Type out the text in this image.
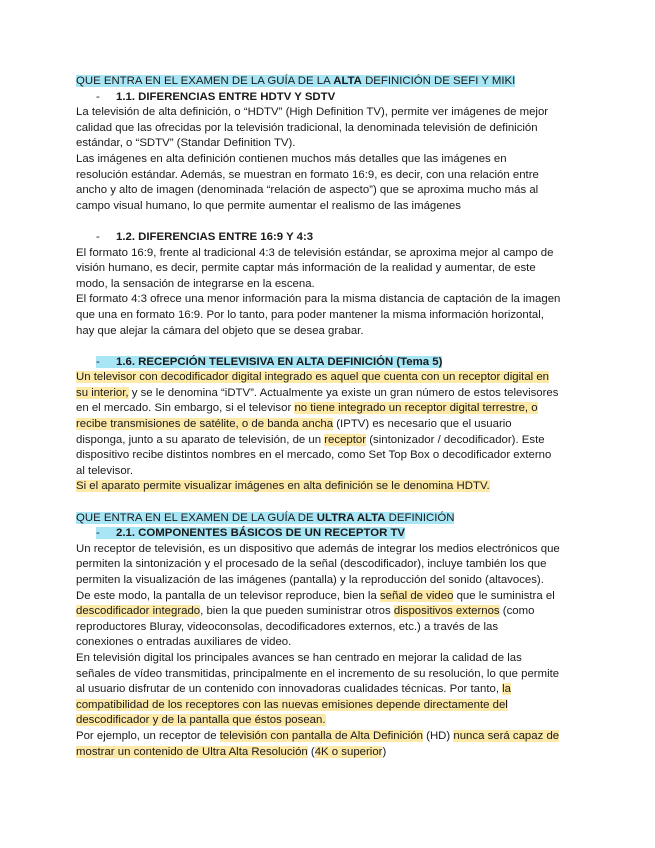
QUE ENTRA EN EL EXAMEN DE LA GUÍA DE LA ALTA DEFINICIÓN DE SEFI Y MIKI
- 1.1. DIFERENCIAS ENTRE HDTV Y SDTV
La televisión de alta definición, o “HDTV” (High Definition TV), permite ver imágenes de mejor
calidad que las ofrecidas por la televisión tradicional, la denominada televisión de definición
estándar, o “SDTV” (Standar Definition TV).
Las imágenes en alta definición contienen muchos más detalles que las imágenes en
resolución estándar. Además, se muestran en formato 16:9, es decir, con una relación entre
ancho y alto de imagen (denominada “relación de aspecto”) que se aproxima mucho más al
campo visual humano, lo que permite aumentar el realismo de las imágenes
- 1.2. DIFERENCIAS ENTRE 16:9 Y 4:3
El formato 16:9, frente al tradicional 4:3 de televisión estándar, se aproxima mejor al campo de
visión humano, es decir, permite captar más información de la realidad y aumentar, de este
modo, la sensación de integrarse en la escena.
El formato 4:3 ofrece una menor información para la misma distancia de captación de la imagen
que una en formato 16:9. Por lo tanto, para poder mantener la misma información horizontal,
hay que alejar la cámara del objeto que se desea grabar.
- 1.6. RECEPCIÓN TELEVISIVA EN ALTA DEFINICIÓN (Tema 5)
Un televisor con decodificador digital integrado es aquel que cuenta con un receptor digital en
su interior, y se le denomina “iDTV”. Actualmente ya existe un gran número de estos televisores
en el mercado. Sin embargo, si el televisor no tiene integrado un receptor digital terrestre, o
recibe transmisiones de satélite, o de banda ancha (IPTV) es necesario que el usuario
disponga, junto a su aparato de televisión, de un receptor (sintonizador / decodificador). Este
dispositivo recibe distintos nombres en el mercado, como Set Top Box o decodificador externo
al televisor.
Si el aparato permite visualizar imágenes en alta definición se le denomina HDTV.
QUE ENTRA EN EL EXAMEN DE LA GUÍA DE ULTRA ALTA DEFINICIÓN
- 2.1. COMPONENTES BÁSICOS DE UN RECEPTOR TV
Un receptor de televisión, es un dispositivo que además de integrar los medios electrónicos que
permiten la sintonización y el procesado de la señal (descodificador), incluye también los que
permiten la visualización de las imágenes (pantalla) y la reproducción del sonido (altavoces).
De este modo, la pantalla de un televisor reproduce, bien la señal de video que le suministra el
descodificador integrado, bien la que pueden suministrar otros dispositivos externos (como
reproductores Bluray, videoconsolas, decodificadores externos, etc.) a través de las
conexiones o entradas auxiliares de video.
En televisión digital los principales avances se han centrado en mejorar la calidad de las
señales de vídeo transmitidas, principalmente en el incremento de su resolución, lo que permite
al usuario disfrutar de un contenido con innovadoras cualidades técnicas. Por tanto, la
compatibilidad de los receptores con las nuevas emisiones depende directamente del
descodificador y de la pantalla que éstos posean.
Por ejemplo, un receptor de televisión con pantalla de Alta Definición (HD) nunca será capaz de
mostrar un contenido de Ultra Alta Resolución (4K o superior)
